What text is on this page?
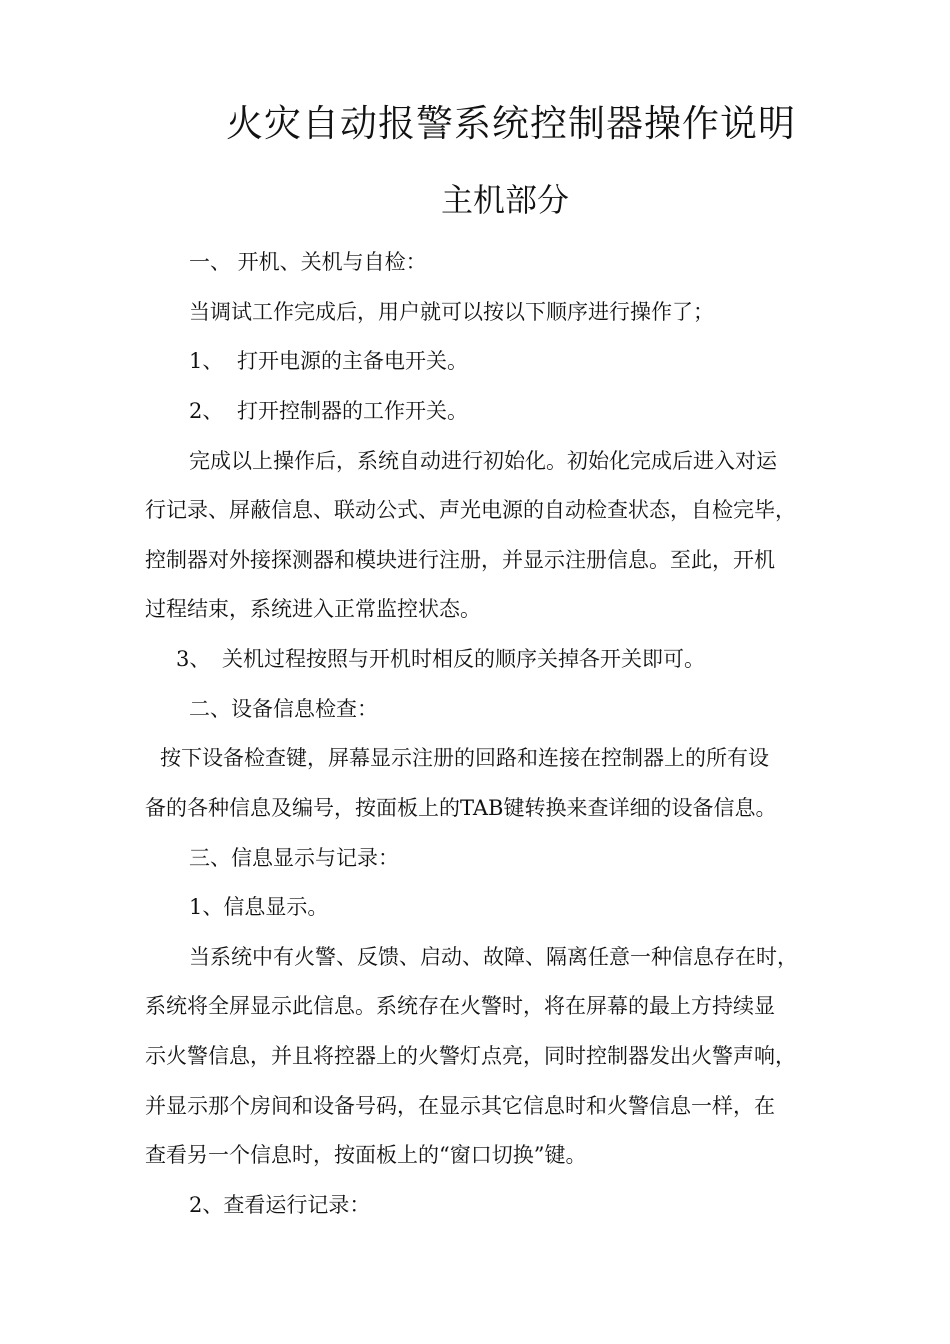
火灾自动报警系统控制器操作说明
主机部分
一、 开机、关机与自检：
当调试工作完成后，用户就可以按以下顺序进行操作了；
1、 打开电源的主备电开关。
2、 打开控制器的工作开关。
完成以上操作后，系统自动进行初始化。初始化完成后进入对运
行记录、屏蔽信息、联动公式、声光电源的自动检查状态，自检完毕，
控制器对外接探测器和模块进行注册，并显示注册信息。至此，开机
过程结束，系统进入正常监控状态。
3、 关机过程按照与开机时相反的顺序关掉各开关即可。
二、设备信息检查：
按下设备检查键，屏幕显示注册的回路和连接在控制器上的所有设
备的各种信息及编号，按面板上的TAB键转换来查详细的设备信息。
三、信息显示与记录：
1、信息显示。
当系统中有火警、反馈、启动、故障、隔离任意一种信息存在时，
系统将全屏显示此信息。系统存在火警时，将在屏幕的最上方持续显
示火警信息，并且将控器上的火警灯点亮，同时控制器发出火警声响，
并显示那个房间和设备号码，在显示其它信息时和火警信息一样，在
查看另一个信息时，按面板上的“窗口切换”键。
2、查看运行记录：
